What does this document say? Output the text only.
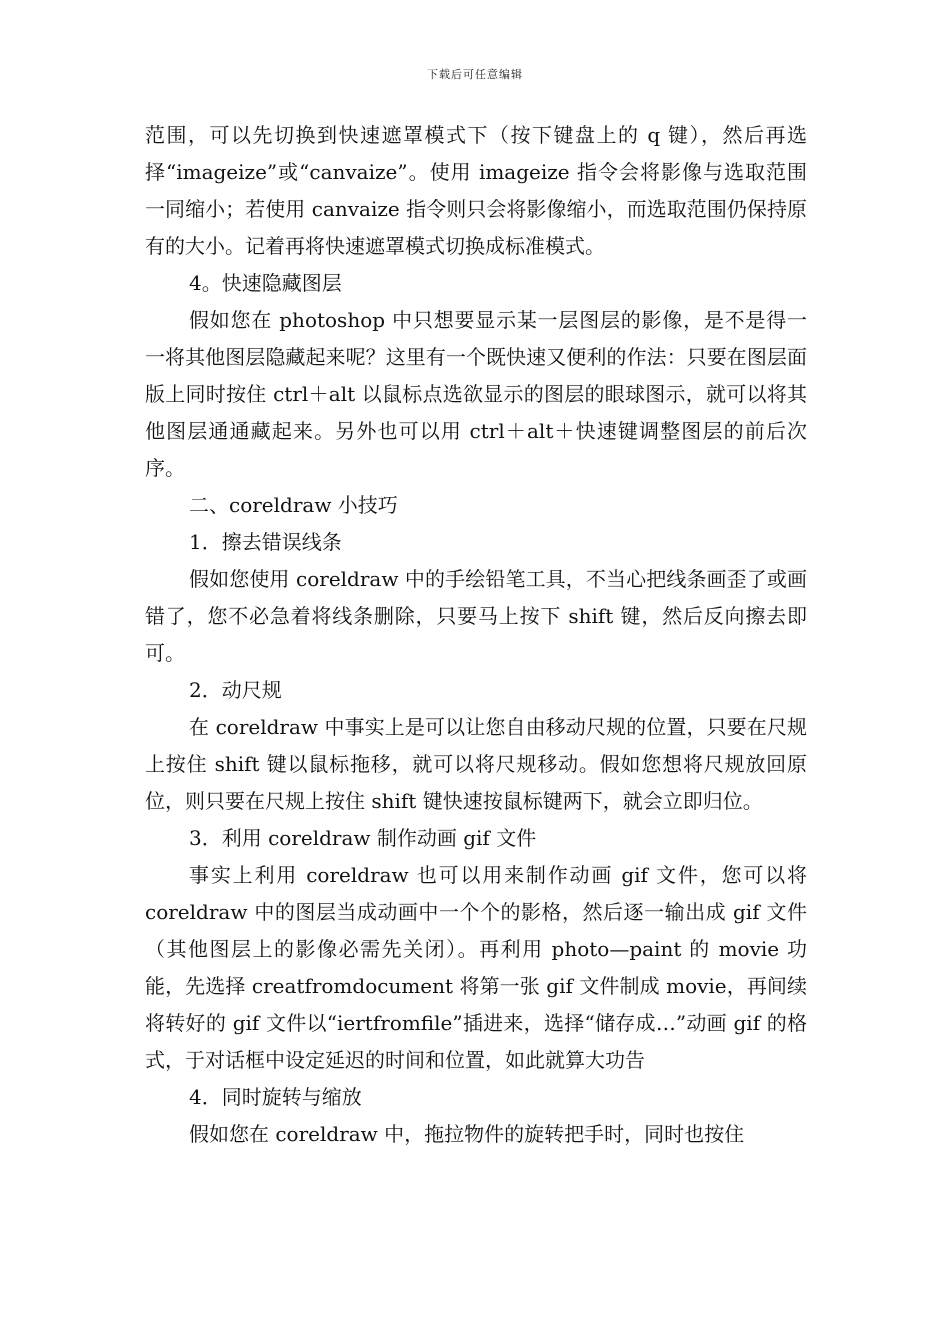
下载后可任意编辑

范围，可以先切换到快速遮罩模式下（按下键盘上的 q 键），然后再选择“imageize”或“canvaize”。使用 imageize 指令会将影像与选取范围一同缩小；若使用 canvaize 指令则只会将影像缩小，而选取范围仍保持原有的大小。记着再将快速遮罩模式切换成标准模式。

4。快速隐藏图层

假如您在 photoshop 中只想要显示某一层图层的影像，是不是得一一将其他图层隐藏起来呢？这里有一个既快速又便利的作法：只要在图层面版上同时按住 ctrl＋alt 以鼠标点选欲显示的图层的眼球图示，就可以将其他图层通通藏起来。另外也可以用 ctrl＋alt＋快速键调整图层的前后次序。

二、coreldraw 小技巧

1．擦去错误线条

假如您使用 coreldraw 中的手绘铅笔工具，不当心把线条画歪了或画错了，您不必急着将线条删除，只要马上按下 shift 键，然后反向擦去即可。

2．动尺规

在 coreldraw 中事实上是可以让您自由移动尺规的位置，只要在尺规上按住 shift 键以鼠标拖移，就可以将尺规移动。假如您想将尺规放回原位，则只要在尺规上按住 shift 键快速按鼠标键两下，就会立即归位。

3．利用 coreldraw 制作动画 gif 文件

事实上利用 coreldraw 也可以用来制作动画 gif 文件，您可以将 coreldraw 中的图层当成动画中一个个的影格，然后逐一输出成 gif 文件（其他图层上的影像必需先关闭）。再利用 photo—paint 的 movie 功能，先选择 creatfromdocument 将第一张 gif 文件制成 movie，再间续将转好的 gif 文件以“iertfromfile”插进来，选择“储存成…”动画 gif 的格式，于对话框中设定延迟的时间和位置，如此就算大功告

4．同时旋转与缩放

假如您在 coreldraw 中，拖拉物件的旋转把手时，同时也按住
